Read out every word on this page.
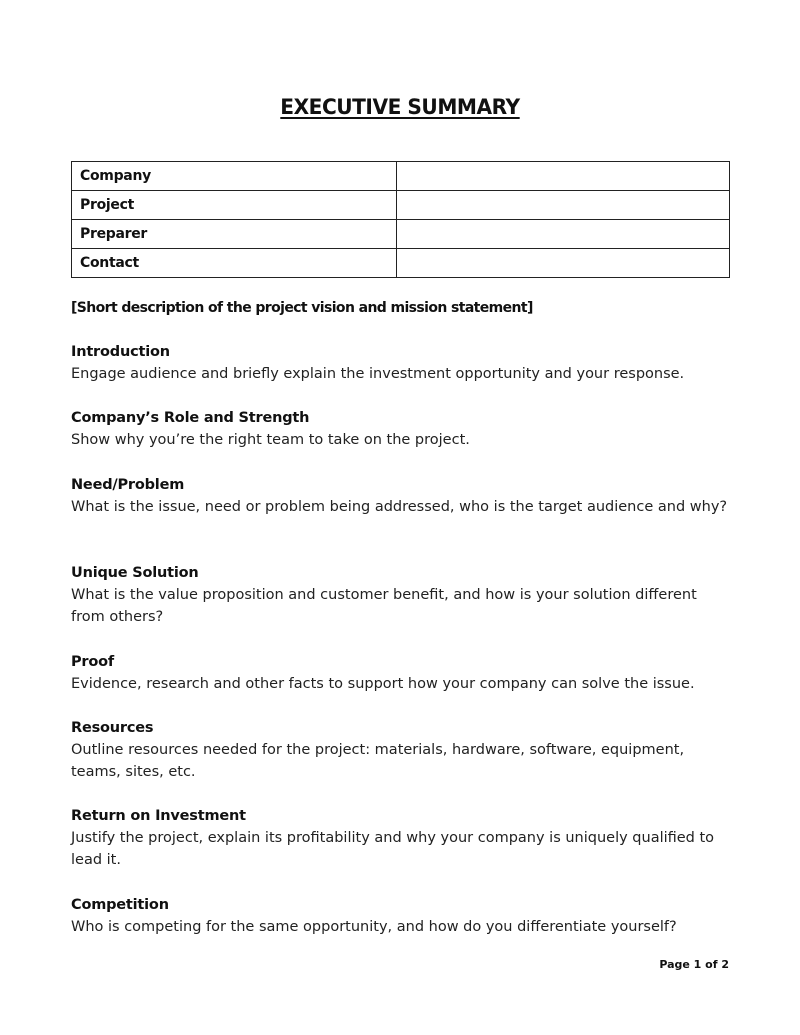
EXECUTIVE SUMMARY
Company	
Project	
Preparer	
Contact	
[Short description of the project vision and mission statement]
Introduction

Engage audience and briefly explain the investment opportunity and your response.

Company’s Role and Strength

Show why you’re the right team to take on the project.

Need/Problem

What is the issue, need or problem being addressed, who is the target audience and why?

Unique Solution

What is the value proposition and customer benefit, and how is your solution different from others?

Proof

Evidence, research and other facts to support how your company can solve the issue.

Resources

Outline resources needed for the project: materials, hardware, software, equipment, teams, sites, etc.

Return on Investment

Justify the project, explain its profitability and why your company is uniquely qualified to lead it.

Competition

Who is competing for the same opportunity, and how do you differentiate yourself?

Page 1 of 2
